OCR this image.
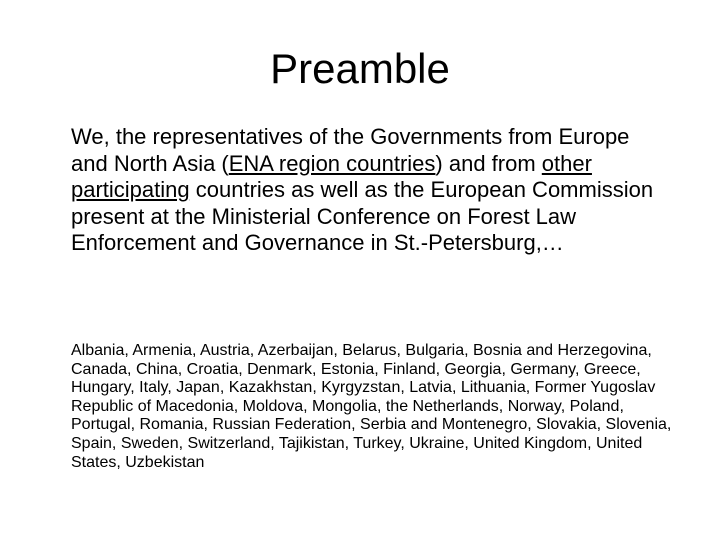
Preamble
We, the representatives of the Governments from Europe and North Asia (ENA region countries) and from other participating countries as well as the European Commission present at the Ministerial Conference on Forest Law Enforcement and Governance in St.-Petersburg,…
Albania, Armenia, Austria, Azerbaijan, Belarus, Bulgaria, Bosnia and Herzegovina, Canada, China, Croatia, Denmark, Estonia, Finland, Georgia, Germany, Greece, Hungary, Italy, Japan, Kazakhstan, Kyrgyzstan, Latvia, Lithuania, Former Yugoslav Republic of Macedonia, Moldova, Mongolia, the Netherlands, Norway, Poland, Portugal, Romania, Russian Federation, Serbia and Montenegro, Slovakia, Slovenia, Spain, Sweden, Switzerland, Tajikistan, Turkey, Ukraine, United Kingdom, United States, Uzbekistan
